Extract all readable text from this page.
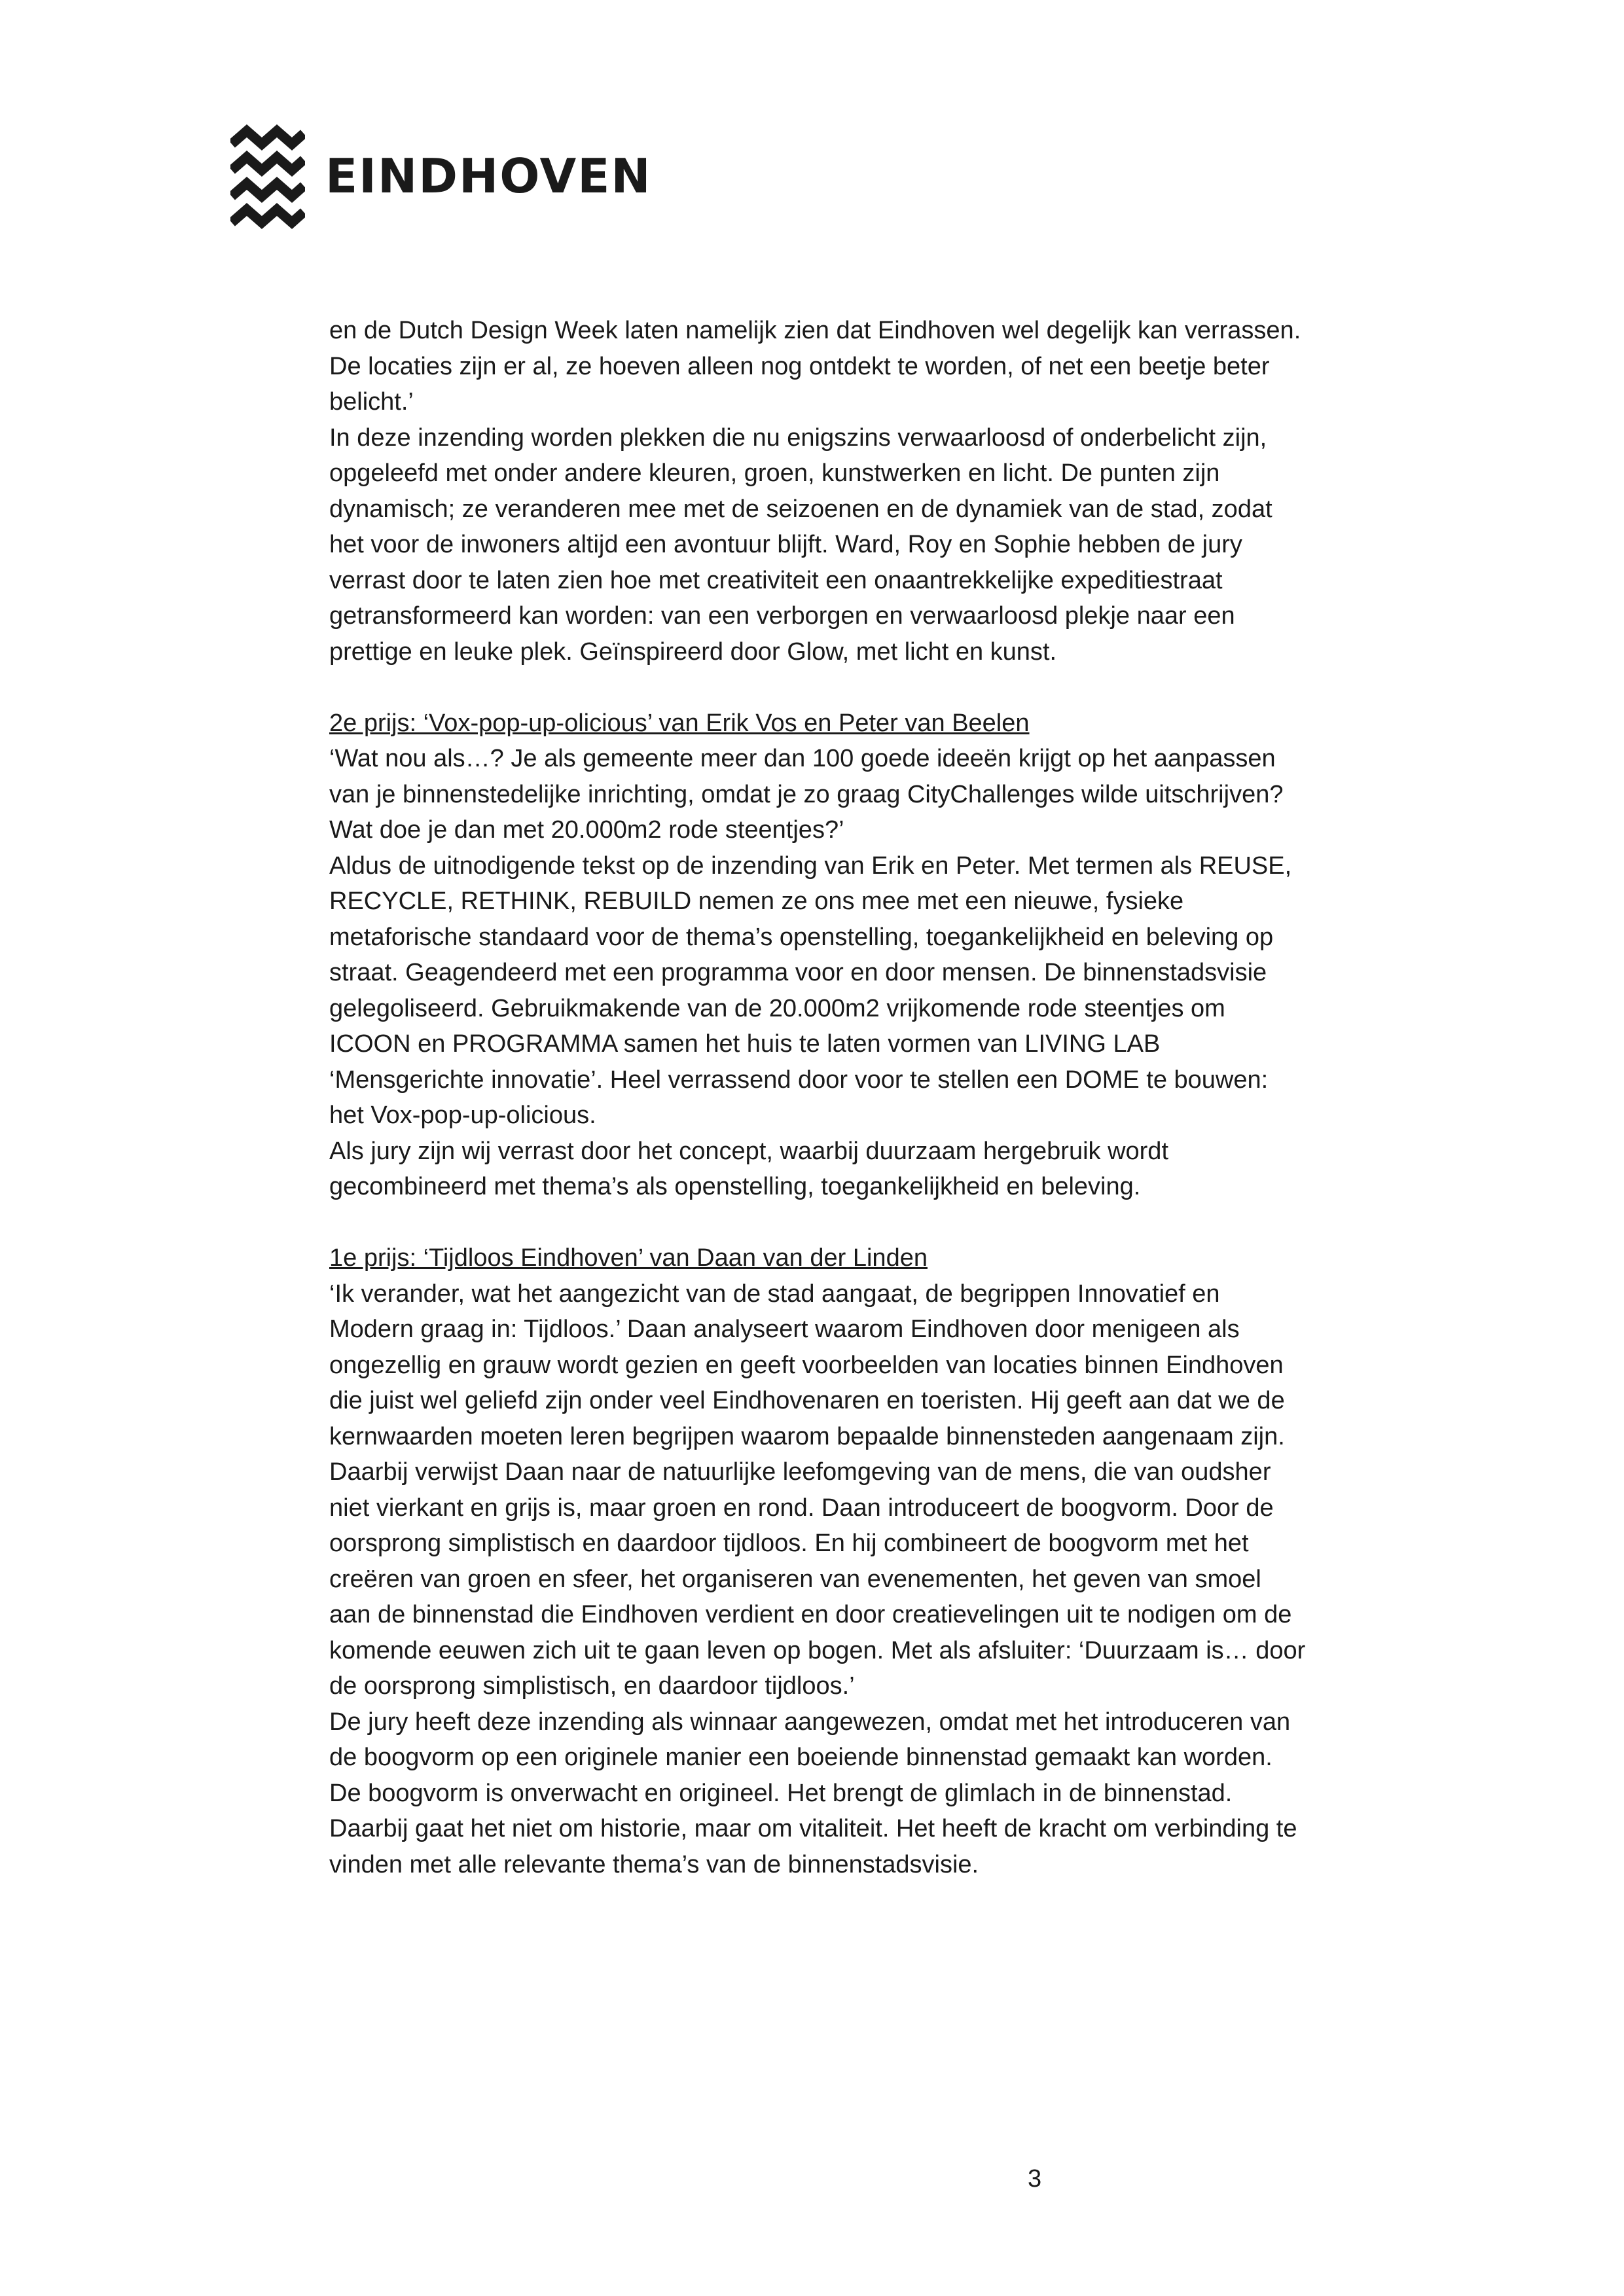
EINDHOVEN

en de Dutch Design Week laten namelijk zien dat Eindhoven wel degelijk kan verrassen.

De locaties zijn er al, ze hoeven alleen nog ontdekt te worden, of net een beetje beter

belicht.’

In deze inzending worden plekken die nu enigszins verwaarloosd of onderbelicht zijn,

opgeleefd met onder andere kleuren, groen, kunstwerken en licht. De punten zijn

dynamisch; ze veranderen mee met de seizoenen en de dynamiek van de stad, zodat

het voor de inwoners altijd een avontuur blijft. Ward, Roy en Sophie hebben de jury

verrast door te laten zien hoe met creativiteit een onaantrekkelijke expeditiestraat

getransformeerd kan worden: van een verborgen en verwaarloosd plekje naar een

prettige en leuke plek. Geïnspireerd door Glow, met licht en kunst.

2e prijs: ‘Vox-pop-up-olicious’ van Erik Vos en Peter van Beelen

‘Wat nou als…? Je als gemeente meer dan 100 goede ideeën krijgt op het aanpassen

van je binnenstedelijke inrichting, omdat je zo graag CityChallenges wilde uitschrijven?

Wat doe je dan met 20.000m2 rode steentjes?’

Aldus de uitnodigende tekst op de inzending van Erik en Peter. Met termen als REUSE,

RECYCLE, RETHINK, REBUILD nemen ze ons mee met een nieuwe, fysieke

metaforische standaard voor de thema’s openstelling, toegankelijkheid en beleving op

straat. Geagendeerd met een programma voor en door mensen. De binnenstadsvisie

gelegoliseerd. Gebruikmakende van de 20.000m2 vrijkomende rode steentjes om

ICOON en PROGRAMMA samen het huis te laten vormen van LIVING LAB

‘Mensgerichte innovatie’. Heel verrassend door voor te stellen een DOME te bouwen:

het Vox-pop-up-olicious.

Als jury zijn wij verrast door het concept, waarbij duurzaam hergebruik wordt

gecombineerd met thema’s als openstelling, toegankelijkheid en beleving.

1e prijs: ‘Tijdloos Eindhoven’ van Daan van der Linden

‘Ik verander, wat het aangezicht van de stad aangaat, de begrippen Innovatief en

Modern graag in: Tijdloos.’ Daan analyseert waarom Eindhoven door menigeen als

ongezellig en grauw wordt gezien en geeft voorbeelden van locaties binnen Eindhoven

die juist wel geliefd zijn onder veel Eindhovenaren en toeristen. Hij geeft aan dat we de

kernwaarden moeten leren begrijpen waarom bepaalde binnensteden aangenaam zijn.

Daarbij verwijst Daan naar de natuurlijke leefomgeving van de mens, die van oudsher

niet vierkant en grijs is, maar groen en rond. Daan introduceert de boogvorm. Door de

oorsprong simplistisch en daardoor tijdloos. En hij combineert de boogvorm met het

creëren van groen en sfeer, het organiseren van evenementen, het geven van smoel

aan de binnenstad die Eindhoven verdient en door creatievelingen uit te nodigen om de

komende eeuwen zich uit te gaan leven op bogen. Met als afsluiter: ‘Duurzaam is… door

de oorsprong simplistisch, en daardoor tijdloos.’

De jury heeft deze inzending als winnaar aangewezen, omdat met het introduceren van

de boogvorm op een originele manier een boeiende binnenstad gemaakt kan worden.

De boogvorm is onverwacht en origineel. Het brengt de glimlach in de binnenstad.

Daarbij gaat het niet om historie, maar om vitaliteit. Het heeft de kracht om verbinding te

vinden met alle relevante thema’s van de binnenstadsvisie.

3
